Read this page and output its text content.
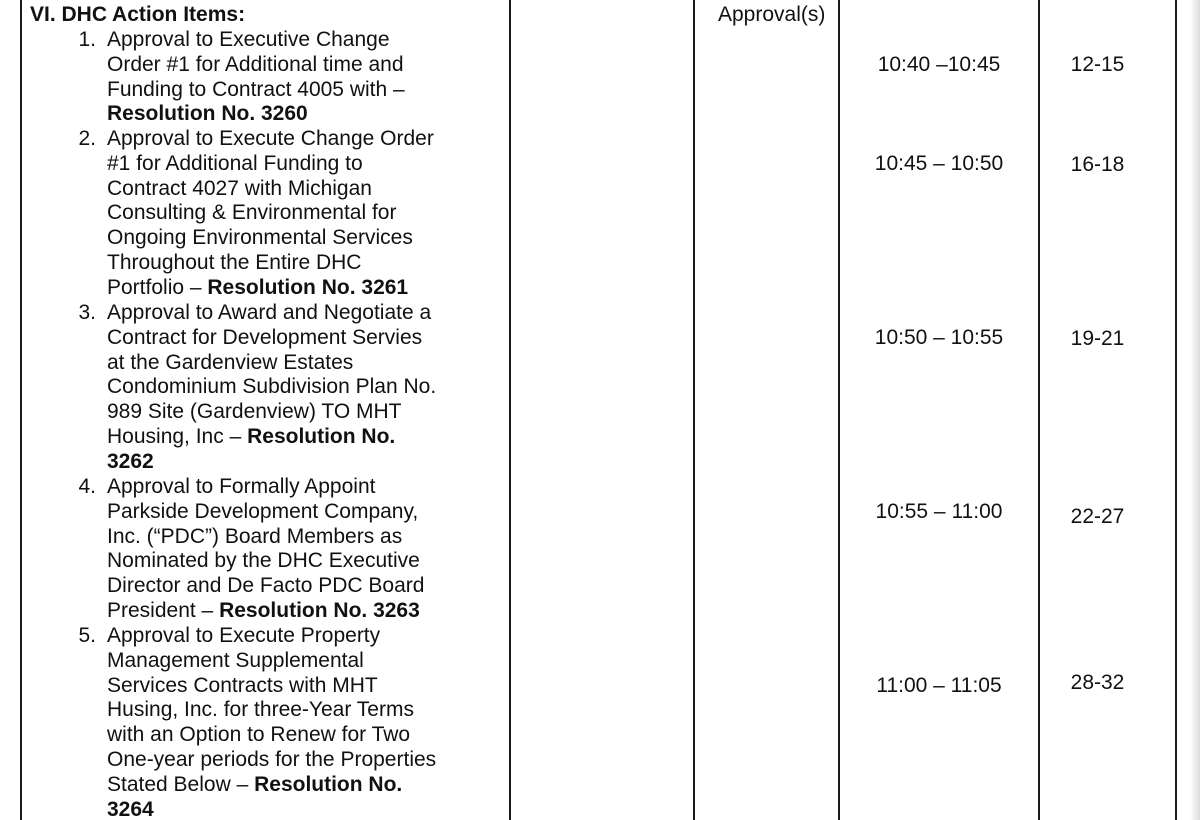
VI. DHC Action Items:	Approval(s)
1. Approval to Executive Change
Order #1 for Additional time and
Funding to Contract 4005 with –
Resolution No. 3260
10:40 –10:45	12-15
2. Approval to Execute Change Order
#1 for Additional Funding to
Contract 4027 with Michigan
Consulting & Environmental for
Ongoing Environmental Services
Throughout the Entire DHC
Portfolio – Resolution No. 3261
10:45 – 10:50	16-18
3. Approval to Award and Negotiate a
Contract for Development Servies
at the Gardenview Estates
Condominium Subdivision Plan No.
989 Site (Gardenview) TO MHT
Housing, Inc – Resolution No.
3262
10:50 – 10:55	19-21
4. Approval to Formally Appoint
Parkside Development Company,
Inc. (“PDC”) Board Members as
Nominated by the DHC Executive
Director and De Facto PDC Board
President – Resolution No. 3263
10:55 – 11:00	22-27
5. Approval to Execute Property
Management Supplemental
Services Contracts with MHT
Husing, Inc. for three-Year Terms
with an Option to Renew for Two
One-year periods for the Properties
Stated Below – Resolution No.
3264
11:00 – 11:05	28-32
